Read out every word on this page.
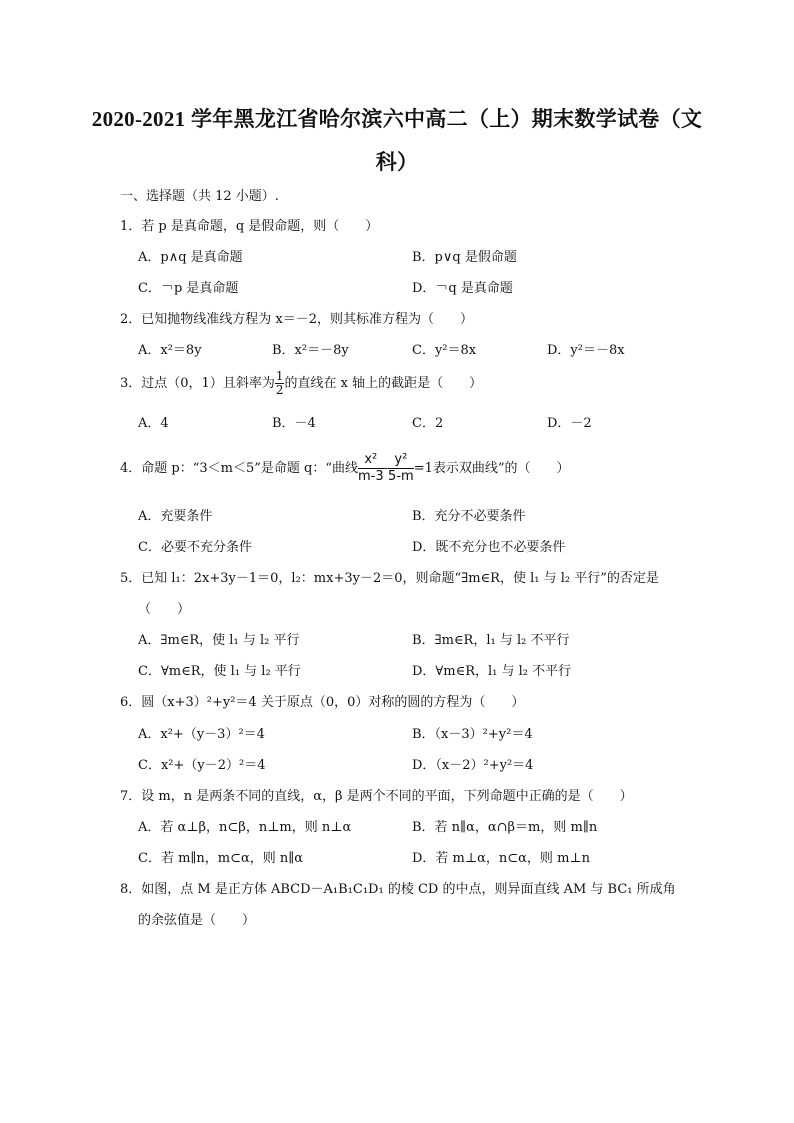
2020-2021 学年黑龙江省哈尔滨六中高二（上）期末数学试卷（文
科）
一、选择题（共 12 小题）.
1．若 p 是真命题，q 是假命题，则（　　）
A．p∧q 是真命题	B．p∨q 是假命题
C．￢p 是真命题	D．￢q 是真命题
2．已知抛物线准线方程为 x＝－2，则其标准方程为（　　）
A．x²＝8y	B．x²＝－8y	C．y²＝8x	D．y²＝－8x
3．过点（0，1）且斜率为 $\frac{1}{2}$ 的直线在 x 轴上的截距是（　　）
A．4	B．－4	C．2	D．－2
4．命题 p：“3＜m＜5”是命题 q：“曲线 $\frac{\text{x²}}{m-3} - \frac{\text{y²}}{5-m} =1$表示双曲线”的（　　）
A．充要条件	B．充分不必要条件
C．必要不充分条件	D．既不充分也不必要条件
5．已知 l₁：2x+3y－1＝0，l₂：mx+3y－2＝0，则命题“∃m∈R，使 l₁ 与 l₂ 平行”的否定是
（　　）
A．∃m∈R，使 l₁ 与 l₂ 平行	B．∃m∈R，l₁ 与 l₂ 不平行
C．∀m∈R，使 l₁ 与 l₂ 平行	D．∀m∈R，l₁ 与 l₂ 不平行
6．圆（x+3）²+y²＝4 关于原点（0，0）对称的圆的方程为（　　）
A．x²+（y－3）²＝4	B．（x－3）²+y²＝4
C．x²+（y－2）²＝4	D．（x－2）²+y²＝4
7．设 m，n 是两条不同的直线，α，β 是两个不同的平面，下列命题中正确的是（　　）
A．若 α⊥β，n⊂β，n⊥m，则 n⊥α	B．若 n∥α，α∩β＝m，则 m∥n
C．若 m∥n，m⊂α，则 n∥α	D．若 m⊥α，n⊂α，则 m⊥n
8．如图，点 M 是正方体 ABCD－A₁B₁C₁D₁ 的棱 CD 的中点，则异面直线 AM 与 BC₁ 所成角
的余弦值是（　　）
